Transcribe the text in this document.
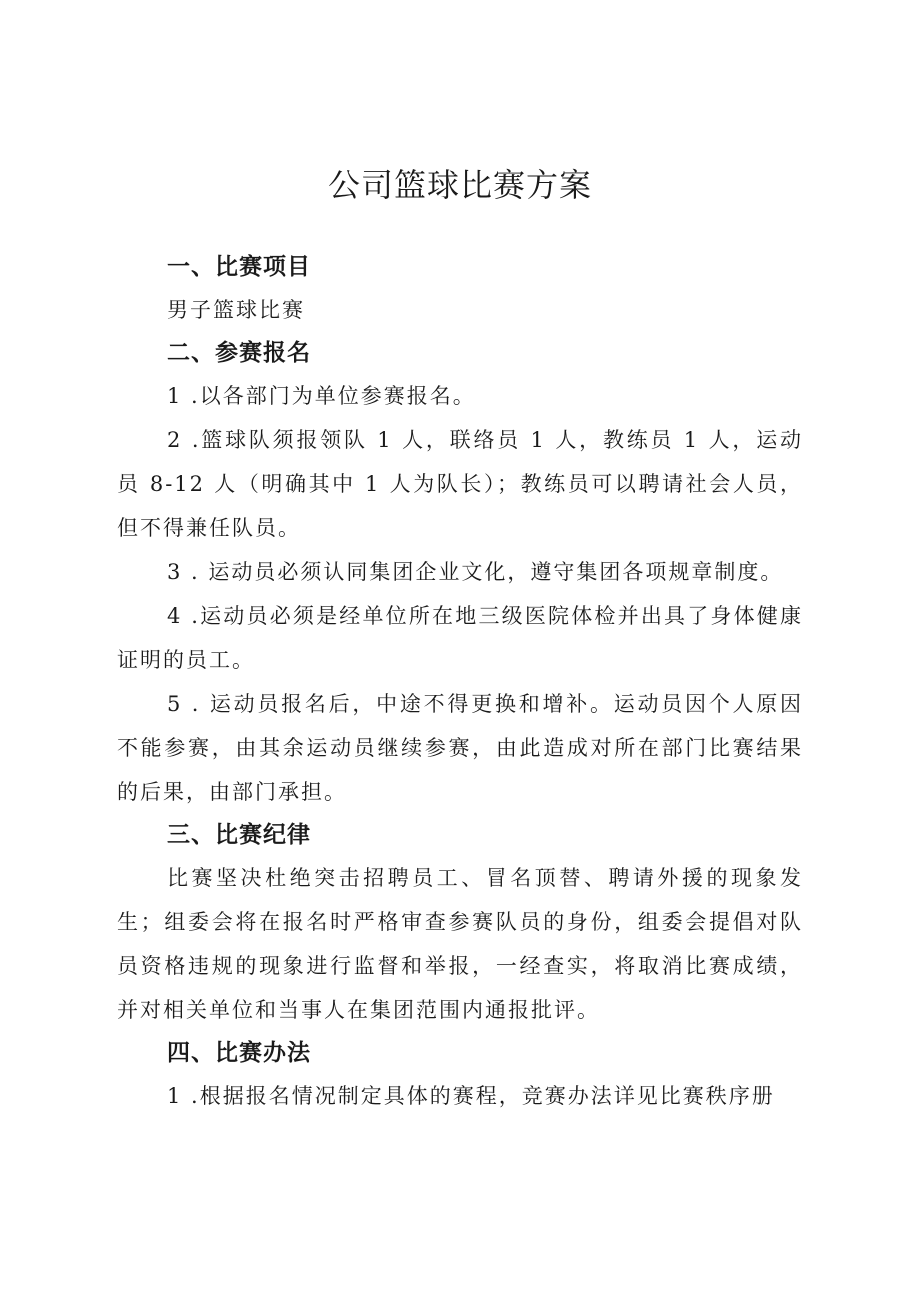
公司篮球比赛方案
一、比赛项目

男子篮球比赛

二、参赛报名

1 .以各部门为单位参赛报名。

2 .篮球队须报领队 1 人，联络员 1 人，教练员 1 人，运动员 8-12 人（明确其中 1 人为队长）；教练员可以聘请社会人员，但不得兼任队员。

3 . 运动员必须认同集团企业文化，遵守集团各项规章制度。

4 .运动员必须是经单位所在地三级医院体检并出具了身体健康证明的员工。

5 . 运动员报名后，中途不得更换和增补。运动员因个人原因不能参赛，由其余运动员继续参赛，由此造成对所在部门比赛结果的后果，由部门承担。

三、比赛纪律

比赛坚决杜绝突击招聘员工、冒名顶替、聘请外援的现象发生；组委会将在报名时严格审查参赛队员的身份，组委会提倡对队员资格违规的现象进行监督和举报，一经查实，将取消比赛成绩，并对相关单位和当事人在集团范围内通报批评。

四、比赛办法

1 .根据报名情况制定具体的赛程，竞赛办法详见比赛秩序册
